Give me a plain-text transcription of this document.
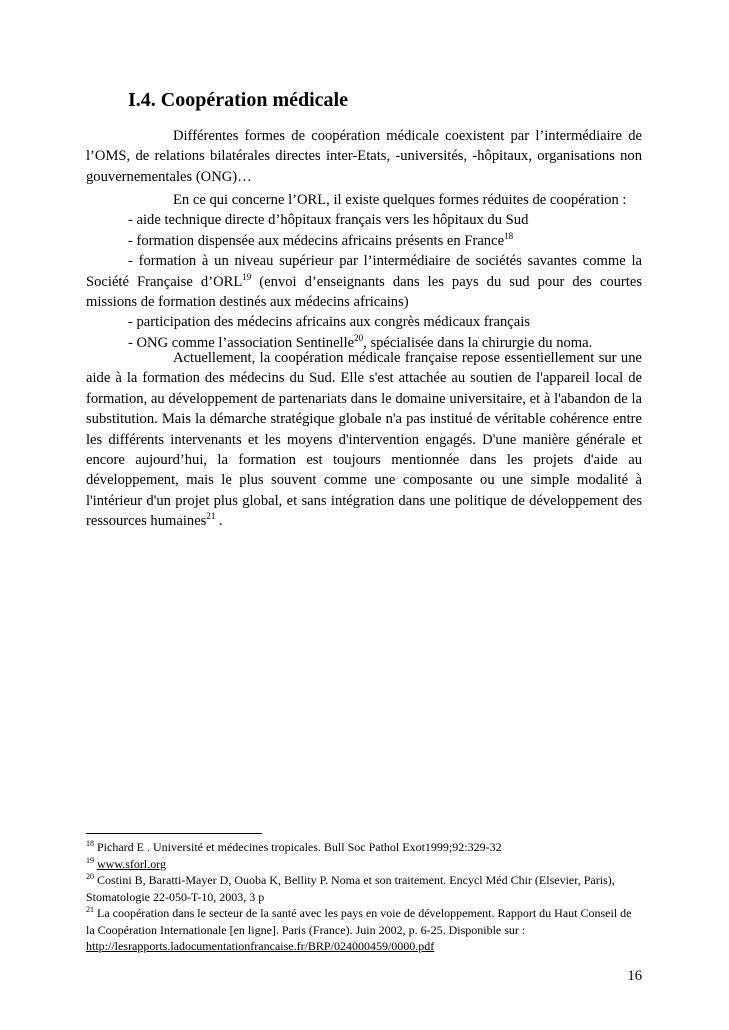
I.4. Coopération médicale
Différentes formes de coopération médicale coexistent par l’intermédiaire de l’OMS, de relations bilatérales directes inter-Etats, -universités, -hôpitaux, organisations non gouvernementales (ONG)…
En ce qui concerne l’ORL, il existe quelques formes réduites de coopération :
- aide technique directe d’hôpitaux français vers les hôpitaux du Sud
- formation dispensée aux médecins africains présents en France$^{18}$
- formation à un niveau supérieur par l’intermédiaire de sociétés savantes comme la Société Française d’ORL$^{19}$ (envoi d’enseignants dans les pays du sud pour des courtes missions de formation destinés aux médecins africains)
- participation des médecins africains aux congrès médicaux français
- ONG comme l’association Sentinelle$^{20}$, spécialisée dans la chirurgie du noma.
Actuellement, la coopération médicale française repose essentiellement sur une aide à la formation des médecins du Sud. Elle s'est attachée au soutien de l'appareil local de formation, au développement de partenariats dans le domaine universitaire, et à l'abandon de la substitution. Mais la démarche stratégique globale n'a pas institué de véritable cohérence entre les différents intervenants et les moyens d'intervention engagés. D'une manière générale et encore aujourd’hui, la formation est toujours mentionnée dans les projets d'aide au développement, mais le plus souvent comme une composante ou une simple modalité à l'intérieur d'un projet plus global, et sans intégration dans une politique de développement des ressources humaines$^{21}$ .
$^{18}$ Pichard E . Université et médecines tropicales. Bull Soc Pathol Exot1999;92:329-32
$^{19}$ www.sforl.org
$^{20}$ Costini B, Baratti-Mayer D, Ouoba K, Bellity P. Noma et son traitement. Encycl Méd Chir (Elsevier, Paris), Stomatologie 22-050-T-10, 2003, 3 p
$^{21}$ La coopération dans le secteur de la santé avec les pays en voie de développement. Rapport du Haut Conseil de la Coopération Internationale [en ligne]. Paris (France). Juin 2002, p. 6-25. Disponible sur :
http://lesrapports.ladocumentationfrancaise.fr/BRP/024000459/0000.pdf
16
